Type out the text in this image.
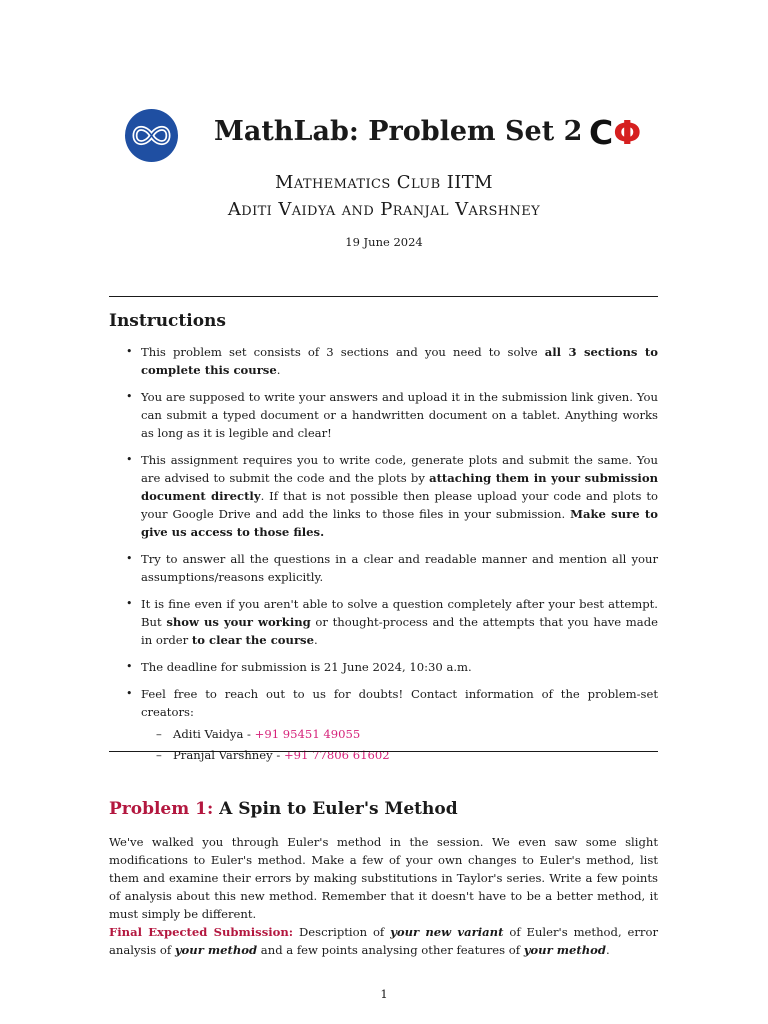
MathLab: Problem Set 2 CΦ
Mathematics Club IITM
Aditi Vaidya and Pranjal Varshney
19 June 2024
Instructions
• This problem set consists of 3 sections and you need to solve all 3 sections to complete this course.
• You are supposed to write your answers and upload it in the submission link given. You can submit a typed document or a handwritten document on a tablet. Anything works as long as it is legible and clear!
• This assignment requires you to write code, generate plots and submit the same. You are advised to submit the code and the plots by attaching them in your submission document directly. If that is not possible then please upload your code and plots to your Google Drive and add the links to those files in your submission. Make sure to give us access to those files.
• Try to answer all the questions in a clear and readable manner and mention all your assumptions/reasons explicitly.
• It is fine even if you aren't able to solve a question completely after your best attempt. But show us your working or thought-process and the attempts that you have made in order to clear the course.
• The deadline for submission is 21 June 2024, 10:30 a.m.
• Feel free to reach out to us for doubts! Contact information of the problem-set creators:
– Aditi Vaidya - +91 95451 49055
– Pranjal Varshney - +91 77806 61602
Problem 1: A Spin to Euler's Method
We've walked you through Euler's method in the session. We even saw some slight modifications to Euler's method. Make a few of your own changes to Euler's method, list them and examine their errors by making substitutions in Taylor's series. Write a few points of analysis about this new method. Remember that it doesn't have to be a better method, it must simply be different.
Final Expected Submission: Description of your new variant of Euler's method, error analysis of your method and a few points analysing other features of your method.
1
